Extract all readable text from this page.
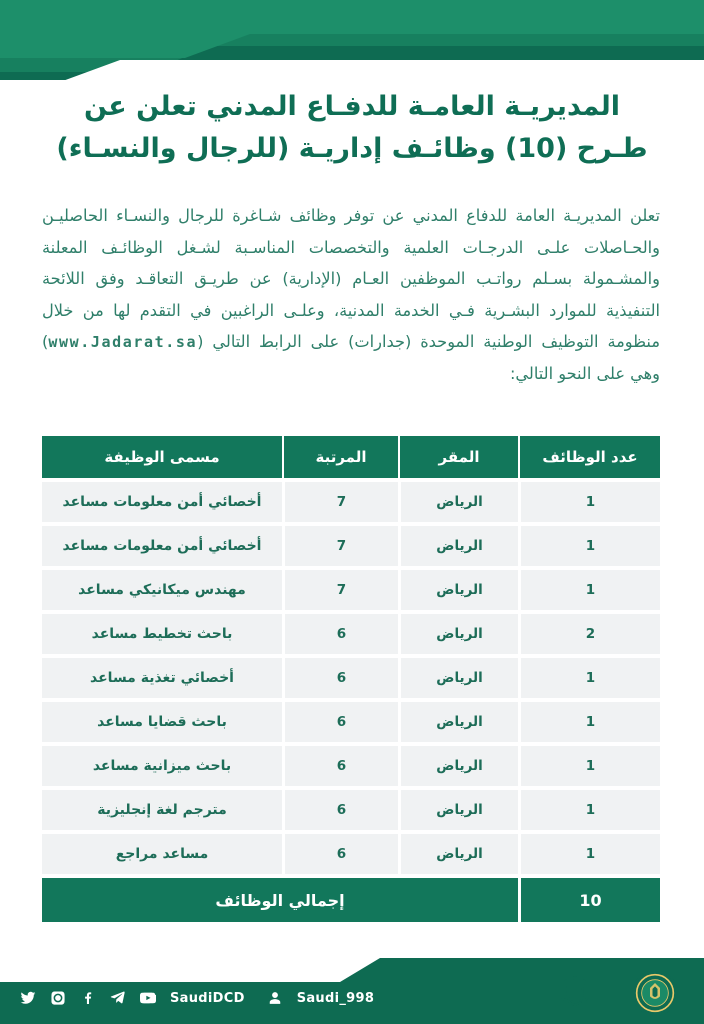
المديريـة العامـة للدفـاع المدني تعلن عن طـرح (10) وظائـف إداريـة (للرجال والنسـاء)
تعلن المديريـة العامة للدفاع المدني عن توفر وظائف شـاغرة للرجال والنسـاء الحاصليـن والحـاصلات علـى الدرجـات العلمية والتخصصات المناسـبة لشـغل الوظائـف المعلنة والمشـمولة بسـلم رواتـب الموظفين العـام (الإدارية) عن طريـق التعاقـد وفق اللائحة التنفيذية للموارد البشـرية فـي الخدمة المدنية، وعلـى الراغبين في التقدم لها من خلال منظومة التوظيف الوطنية الموحدة (جدارات) على الرابط التالي (www.Jadarat.sa) وهي على النحو التالي:
عدد الوظائف	المقر	المرتبة	مسمى الوظيفة
1	الرياض	7	أخصائي أمن معلومات مساعد
1	الرياض	7	أخصائي أمن معلومات مساعد
1	الرياض	7	مهندس ميكانيكي مساعد
2	الرياض	6	باحث تخطيط مساعد
1	الرياض	6	أخصائي تغذية مساعد
1	الرياض	6	باحث قضايا مساعد
1	الرياض	6	باحث ميزانية مساعد
1	الرياض	6	مترجم لغة إنجليزية
1	الرياض	6	مساعد مراجع
10	إجمالي الوظائف		
SaudiDCD	Saudi_998
